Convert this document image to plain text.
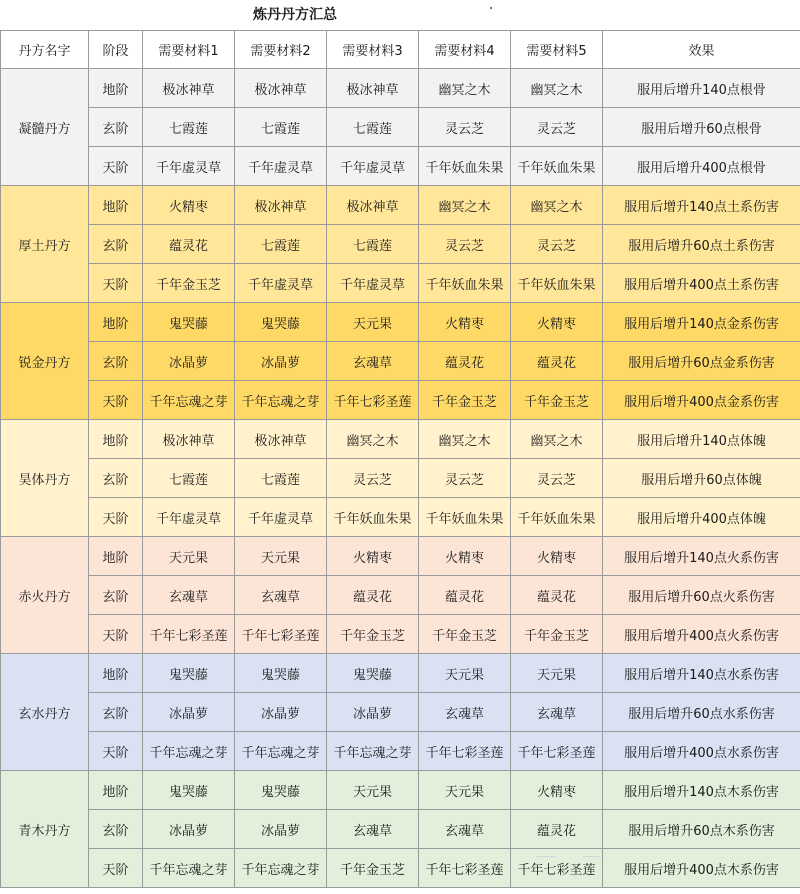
炼丹丹方汇总
丹方名字	阶段	需要材料1	需要材料2	需要材料3	需要材料4	需要材料5	效果
凝髓丹方	地阶	极冰神草	极冰神草	极冰神草	幽冥之木	幽冥之木	服用后增升140点根骨
	玄阶	七霞莲	七霞莲	七霞莲	灵云芝	灵云芝	服用后增升60点根骨
	天阶	千年虚灵草	千年虚灵草	千年虚灵草	千年妖血朱果	千年妖血朱果	服用后增升400点根骨
厚土丹方	地阶	火精枣	极冰神草	极冰神草	幽冥之木	幽冥之木	服用后增升140点土系伤害
	玄阶	蕴灵花	七霞莲	七霞莲	灵云芝	灵云芝	服用后增升60点土系伤害
	天阶	千年金玉芝	千年虚灵草	千年虚灵草	千年妖血朱果	千年妖血朱果	服用后增升400点土系伤害
锐金丹方	地阶	鬼哭藤	鬼哭藤	天元果	火精枣	火精枣	服用后增升140点金系伤害
	玄阶	冰晶萝	冰晶萝	玄魂草	蕴灵花	蕴灵花	服用后增升60点金系伤害
	天阶	千年忘魂之芽	千年忘魂之芽	千年七彩圣莲	千年金玉芝	千年金玉芝	服用后增升400点金系伤害
昊体丹方	地阶	极冰神草	极冰神草	幽冥之木	幽冥之木	幽冥之木	服用后增升140点体魄
	玄阶	七霞莲	七霞莲	灵云芝	灵云芝	灵云芝	服用后增升60点体魄
	天阶	千年虚灵草	千年虚灵草	千年妖血朱果	千年妖血朱果	千年妖血朱果	服用后增升400点体魄
赤火丹方	地阶	天元果	天元果	火精枣	火精枣	火精枣	服用后增升140点火系伤害
	玄阶	玄魂草	玄魂草	蕴灵花	蕴灵花	蕴灵花	服用后增升60点火系伤害
	天阶	千年七彩圣莲	千年七彩圣莲	千年金玉芝	千年金玉芝	千年金玉芝	服用后增升400点火系伤害
玄水丹方	地阶	鬼哭藤	鬼哭藤	鬼哭藤	天元果	天元果	服用后增升140点水系伤害
	玄阶	冰晶萝	冰晶萝	冰晶萝	玄魂草	玄魂草	服用后增升60点水系伤害
	天阶	千年忘魂之芽	千年忘魂之芽	千年忘魂之芽	千年七彩圣莲	千年七彩圣莲	服用后增升400点水系伤害
青木丹方	地阶	鬼哭藤	鬼哭藤	天元果	天元果	火精枣	服用后增升140点木系伤害
	玄阶	冰晶萝	冰晶萝	玄魂草	玄魂草	蕴灵花	服用后增升60点木系伤害
	天阶	千年忘魂之芽	千年忘魂之芽	千年金玉芝	千年七彩圣莲	千年七彩圣莲	服用后增升400点木系伤害
